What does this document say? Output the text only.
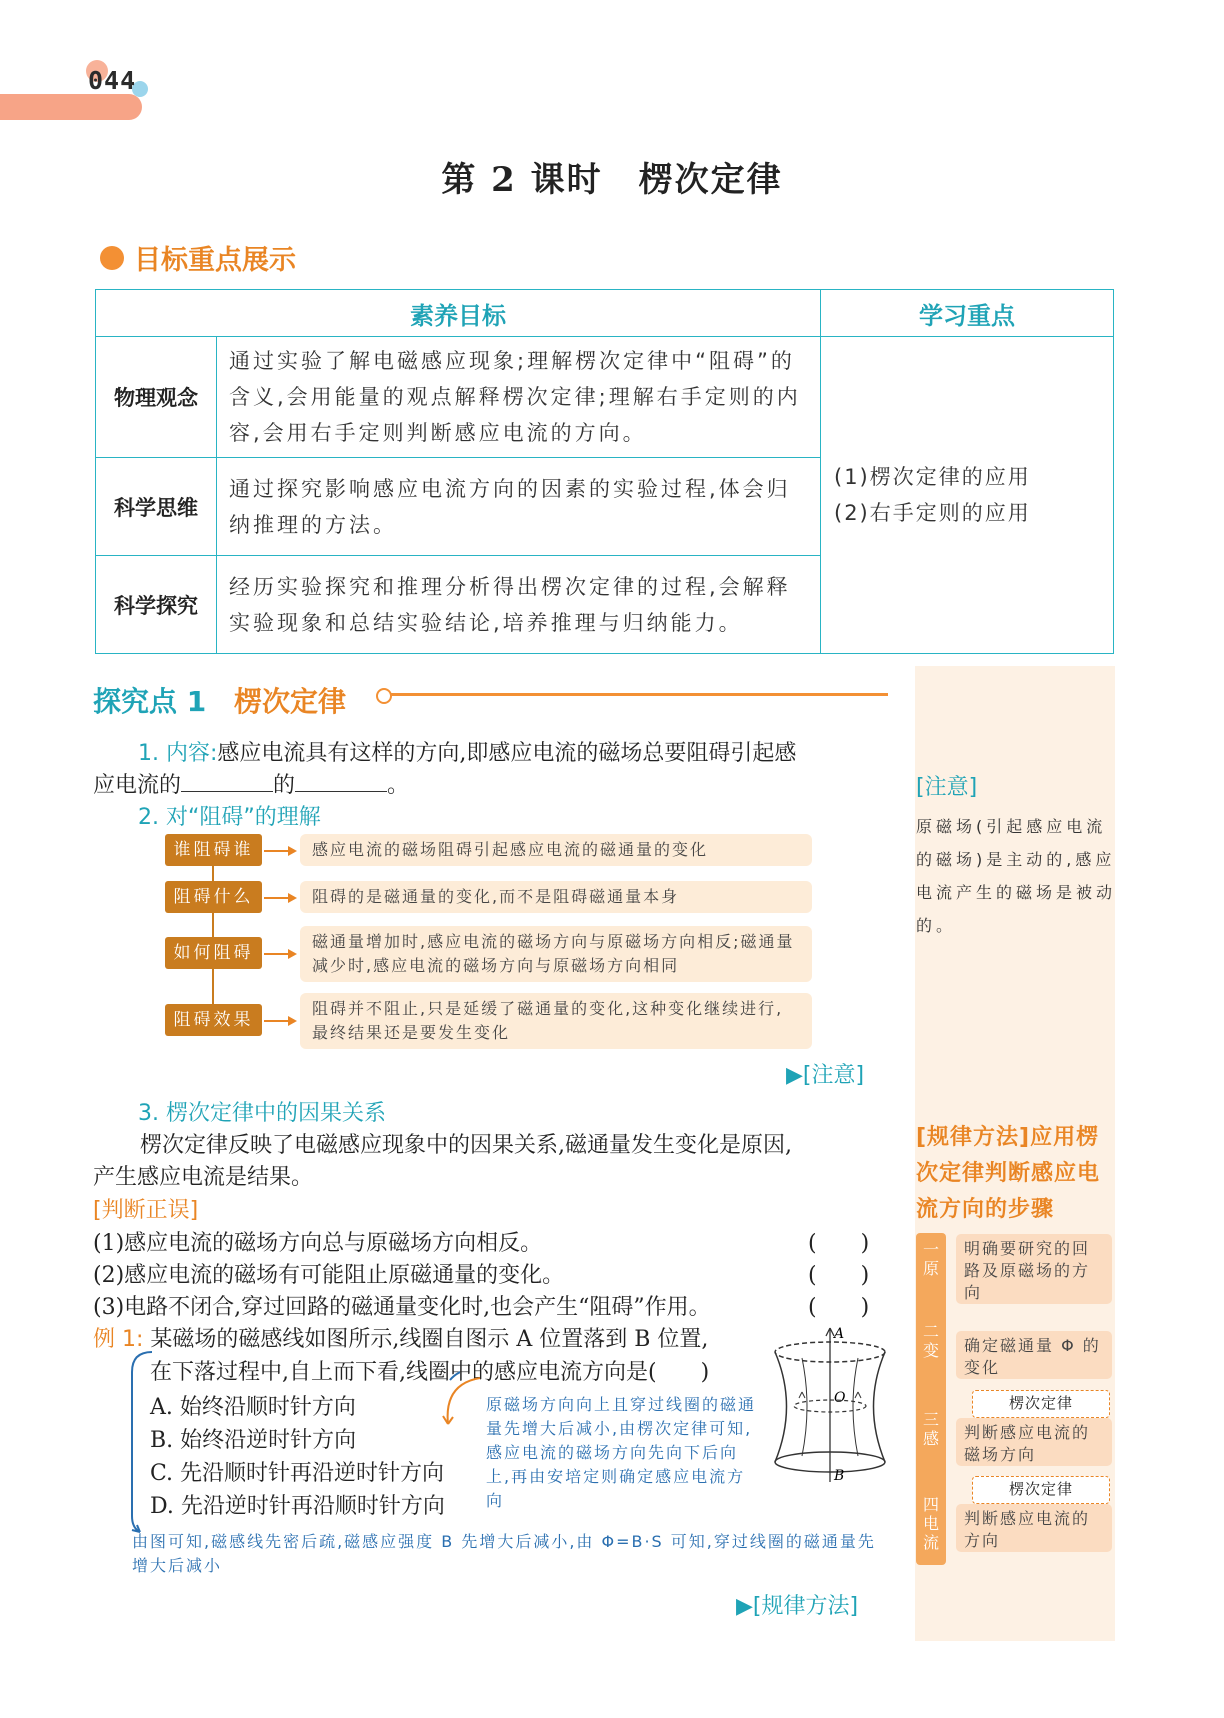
044
第 2 课时　楞次定律
目标重点展示
素养目标		学习重点
物理观念	通过实验了解电磁感应现象;理解楞次定律中“阻碍”的含义,会用能量的观点解释楞次定律;理解右手定则的内容,会用右手定则判断感应电流的方向。	(1)楞次定律的应用
(2)右手定则的应用

科学思维	通过探究影响感应电流方向的因素的实验过程,体会归纳推理的方法。	
科学探究	经历实验探究和推理分析得出楞次定律的过程,会解释实验现象和总结实验结论,培养推理与归纳能力。	
探究点 1 楞次定律
1. 内容:感应电流具有这样的方向,即感应电流的磁场总要阻碍引起感
应电流的	的	。
2. 对“阻碍”的理解
谁阻碍谁
阻碍什么
如何阻碍
阻碍效果
感应电流的磁场阻碍引起感应电流的磁通量的变化
阻碍的是磁通量的变化,而不是阻碍磁通量本身
磁通量增加时,感应电流的磁场方向与原磁场方向相反;磁通量减少时,感应电流的磁场方向与原磁场方向相同
阻碍并不阻止,只是延缓了磁通量的变化,这种变化继续进行,最终结果还是要发生变化
▶[注意]
3. 楞次定律中的因果关系
楞次定律反映了电磁感应现象中的因果关系,磁通量发生变化是原因,
产生感应电流是结果。
[判断正误]
(1)感应电流的磁场方向总与原磁场方向相反。
(2)感应电流的磁场有可能阻止原磁通量的变化。
(3)电路不闭合,穿过回路的磁通量变化时,也会产生“阻碍”作用。
(　　)
(　　)
(　　)
例 1: 某磁场的磁感线如图所示,线圈自图示 A 位置落到 B 位置,
在下落过程中,自上而下看,线圈中的感应电流方向是(　　)
A. 始终沿顺时针方向
B. 始终沿逆时针方向
C. 先沿顺时针再沿逆时针方向
D. 先沿逆时针再沿顺时针方向
原磁场方向向上且穿过线圈的磁通量先增大后减小,由楞次定律可知,感应电流的磁场方向先向下后向上,再由安培定则确定感应电流方向
由图可知,磁感线先密后疏,磁感应强度 B 先增大后减小,由 Φ=B·S 可知,穿过线圈的磁通量先增大后减小
A
O
B
▶[规律方法]
[注意]
原磁场(引起感应电流的磁场)是主动的,感应电流产生的磁场是被动的。
[规律方法]应用楞次定律判断感应电流方向的步骤
一原
二变
三感
四电流
明确要研究的回路及原磁场的方向
确定磁通量 Φ 的变化
判断感应电流的磁场方向
判断感应电流的方向
楞次定律
楞次定律
